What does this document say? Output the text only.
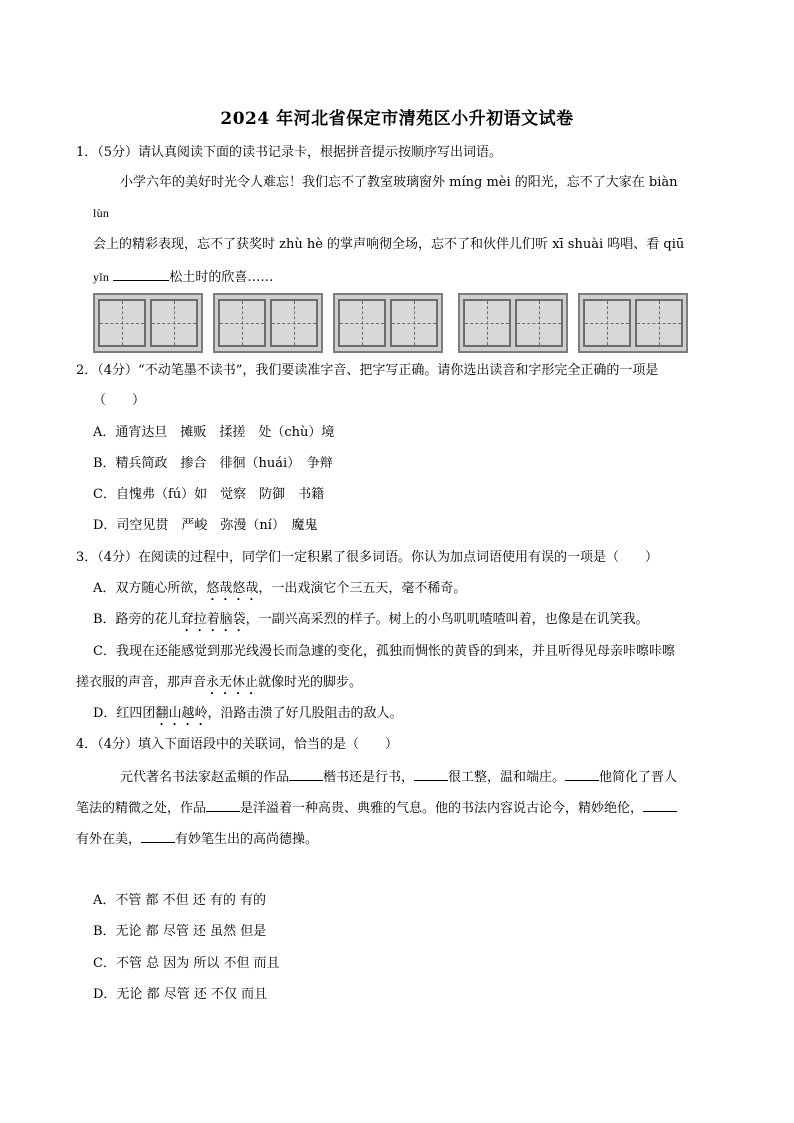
2024 年河北省保定市清苑区小升初语文试卷
1．（5分）请认真阅读下面的读书记录卡，根据拼音提示按顺序写出词语。
小学六年的美好时光令人难忘！我们忘不了教室玻璃窗外 míng mèi 的阳光，忘不了大家在 biàn
lùn
会上的精彩表现，忘不了获奖时 zhù hè 的掌声响彻全场，忘不了和伙伴儿们听 xī shuài 呜唱、看 qiū
yǐn	松土时的欣喜……
2．（4分）“不动笔墨不读书”，我们要读准字音、把字写正确。请你选出读音和字形完全正确的一项是
（　　）
A．通宵达旦　摊贩　揉搓　处（chù）境
B．精兵简政　掺合　徘徊（huái）　争辩
C．自愧弗（fú）如　觉察　防御　书籍
D．司空见贯　严峻　弥漫（ní）　魔鬼
3．（4分）在阅读的过程中，同学们一定积累了很多词语。你认为加点词语使用有误的一项是（　　）
A．双方随心所欲，悠哉悠哉，一出戏演它个三五天，毫不稀奇。
B．路旁的花儿耷拉着脑袋，一副兴高采烈的样子。树上的小鸟叽叽喳喳叫着，也像是在讥笑我。
C．我现在还能感觉到那光线漫长而急遽的变化，孤独而惆怅的黄昏的到来，并且听得见母亲咔嚓咔嚓
搓衣服的声音，那声音永无休止就像时光的脚步。
D．红四团翻山越岭，沿路击溃了好几股阻击的敌人。
4．（4分）填入下面语段中的关联词，恰当的是（　　）
元代著名书法家赵孟頫的作品	楷书还是行书，	很工整，温和端庄。	他简化了晋人
笔法的精微之处，作品	是洋溢着一种高贵、典雅的气息。他的书法内容说古论今，精妙绝伦，
有外在美，	有妙笔生出的高尚德操。
A．不管 都 不但 还 有的 有的
B．无论 都 尽管 还 虽然 但是
C．不管 总 因为 所以 不但 而且
D．无论 都 尽管 还 不仅 而且
